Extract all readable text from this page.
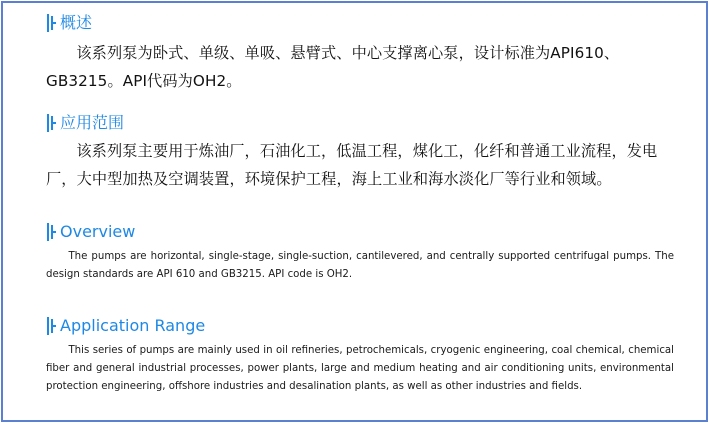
概述

该系列泵为卧式、单级、单吸、悬臂式、中心支撑离心泵，设计标准为API610、GB3215。API代码为OH2。

应用范围

该系列泵主要用于炼油厂，石油化工，低温工程，煤化工，化纤和普通工业流程，发电厂，大中型加热及空调装置，环境保护工程，海上工业和海水淡化厂等行业和领域。

Overview

The pumps are horizontal, single-stage, single-suction, cantilevered, and centrally supported centrifugal pumps. The design standards are API 610 and GB3215. API code is OH2.

Application Range

This series of pumps are mainly used in oil refineries, petrochemicals, cryogenic engineering, coal chemical, chemical fiber and general industrial processes, power plants, large and medium heating and air conditioning units, environmental protection engineering, offshore industries and desalination plants, as well as other industries and fields.
